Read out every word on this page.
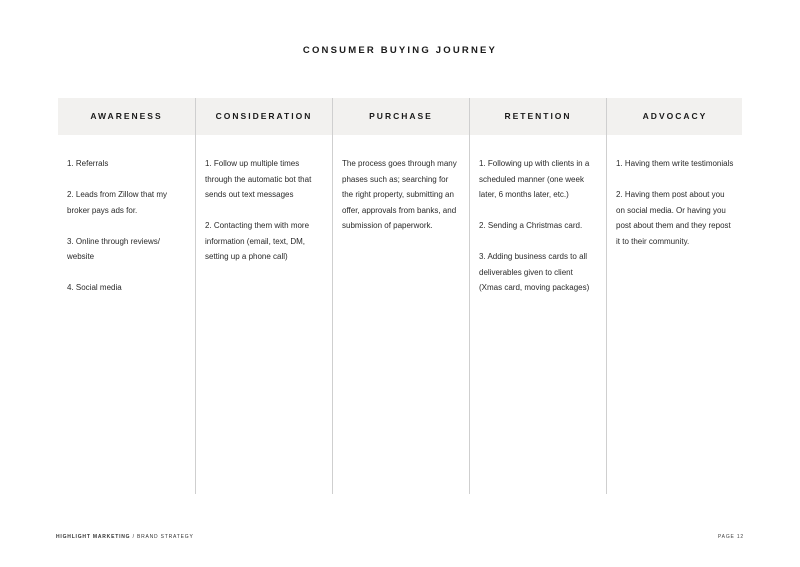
CONSUMER BUYING JOURNEY
AWARENESS

1. Referrals

2. Leads from Zillow that my broker pays ads for.

3. Online through reviews/ website

4. Social media

CONSIDERATION

1. Follow up multiple times through the automatic bot that sends out text messages

2. Contacting them with more information (email, text, DM, setting up a phone call)

PURCHASE

The process goes through many phases such as; searching for the right property, submitting an offer, approvals from banks, and submission of paperwork.

RETENTION

1. Following up with clients in a scheduled manner (one week later, 6 months later, etc.)

2. Sending a Christmas card.

3. Adding business cards to all deliverables given to client (Xmas card, moving packages)

ADVOCACY

1. Having them write testimonials

2. Having them post about you on social media. Or having you post about them and they repost it to their community.

HIGHLIGHT MARKETING / BRAND STRATEGY	PAGE 12
